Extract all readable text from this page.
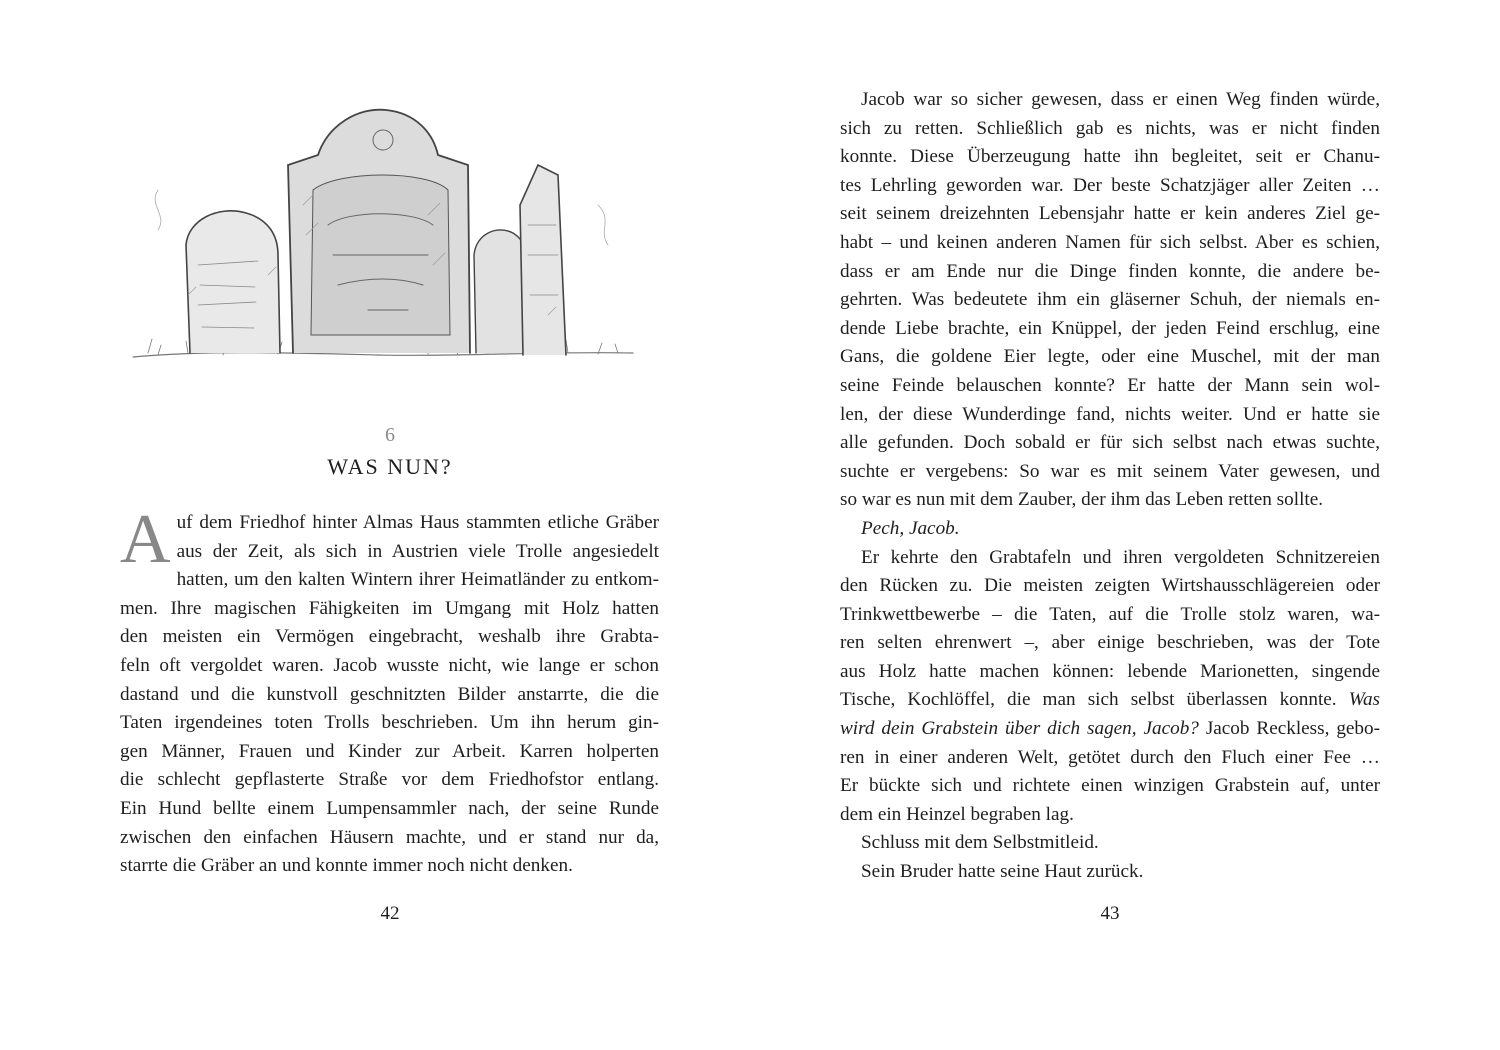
6
WAS NUN?
A uf dem Friedhof hinter Almas Haus stammten etliche Gräber
aus der Zeit, als sich in Austrien viele Trolle angesiedelt
hatten, um den kalten Wintern ihrer Heimatländer zu entkom-
men. Ihre magischen Fähigkeiten im Umgang mit Holz hatten
den meisten ein Vermögen eingebracht, weshalb ihre Grabta-
feln oft vergoldet waren. Jacob wusste nicht, wie lange er schon
dastand und die kunstvoll geschnitzten Bilder anstarrte, die die
Taten irgendeines toten Trolls beschrieben. Um ihn herum gin-
gen Männer, Frauen und Kinder zur Arbeit. Karren holperten
die schlecht gepflasterte Straße vor dem Friedhofstor entlang.
Ein Hund bellte einem Lumpensammler nach, der seine Runde
zwischen den einfachen Häusern machte, und er stand nur da,
starrte die Gräber an und konnte immer noch nicht denken.
42
Jacob war so sicher gewesen, dass er einen Weg finden würde,
sich zu retten. Schließlich gab es nichts, was er nicht finden
konnte. Diese Überzeugung hatte ihn begleitet, seit er Chanu-
tes Lehrling geworden war. Der beste Schatzjäger aller Zeiten …
seit seinem dreizehnten Lebensjahr hatte er kein anderes Ziel ge-
habt – und keinen anderen Namen für sich selbst. Aber es schien,
dass er am Ende nur die Dinge finden konnte, die andere be-
gehrten. Was bedeutete ihm ein gläserner Schuh, der niemals en-
dende Liebe brachte, ein Knüppel, der jeden Feind erschlug, eine
Gans, die goldene Eier legte, oder eine Muschel, mit der man
seine Feinde belauschen konnte? Er hatte der Mann sein wol-
len, der diese Wunderdinge fand, nichts weiter. Und er hatte sie
alle gefunden. Doch sobald er für sich selbst nach etwas suchte,
suchte er vergebens: So war es mit seinem Vater gewesen, und
so war es nun mit dem Zauber, der ihm das Leben retten sollte.
Pech, Jacob.
Er kehrte den Grabtafeln und ihren vergoldeten Schnitzereien
den Rücken zu. Die meisten zeigten Wirtshausschlägereien oder
Trinkwettbewerbe – die Taten, auf die Trolle stolz waren, wa-
ren selten ehrenwert –, aber einige beschrieben, was der Tote
aus Holz hatte machen können: lebende Marionetten, singende
Tische, Kochlöffel, die man sich selbst überlassen konnte. Was
wird dein Grabstein über dich sagen, Jacob? Jacob Reckless, gebo-
ren in einer anderen Welt, getötet durch den Fluch einer Fee …
Er bückte sich und richtete einen winzigen Grabstein auf, unter
dem ein Heinzel begraben lag.
Schluss mit dem Selbstmitleid.
Sein Bruder hatte seine Haut zurück.
43
